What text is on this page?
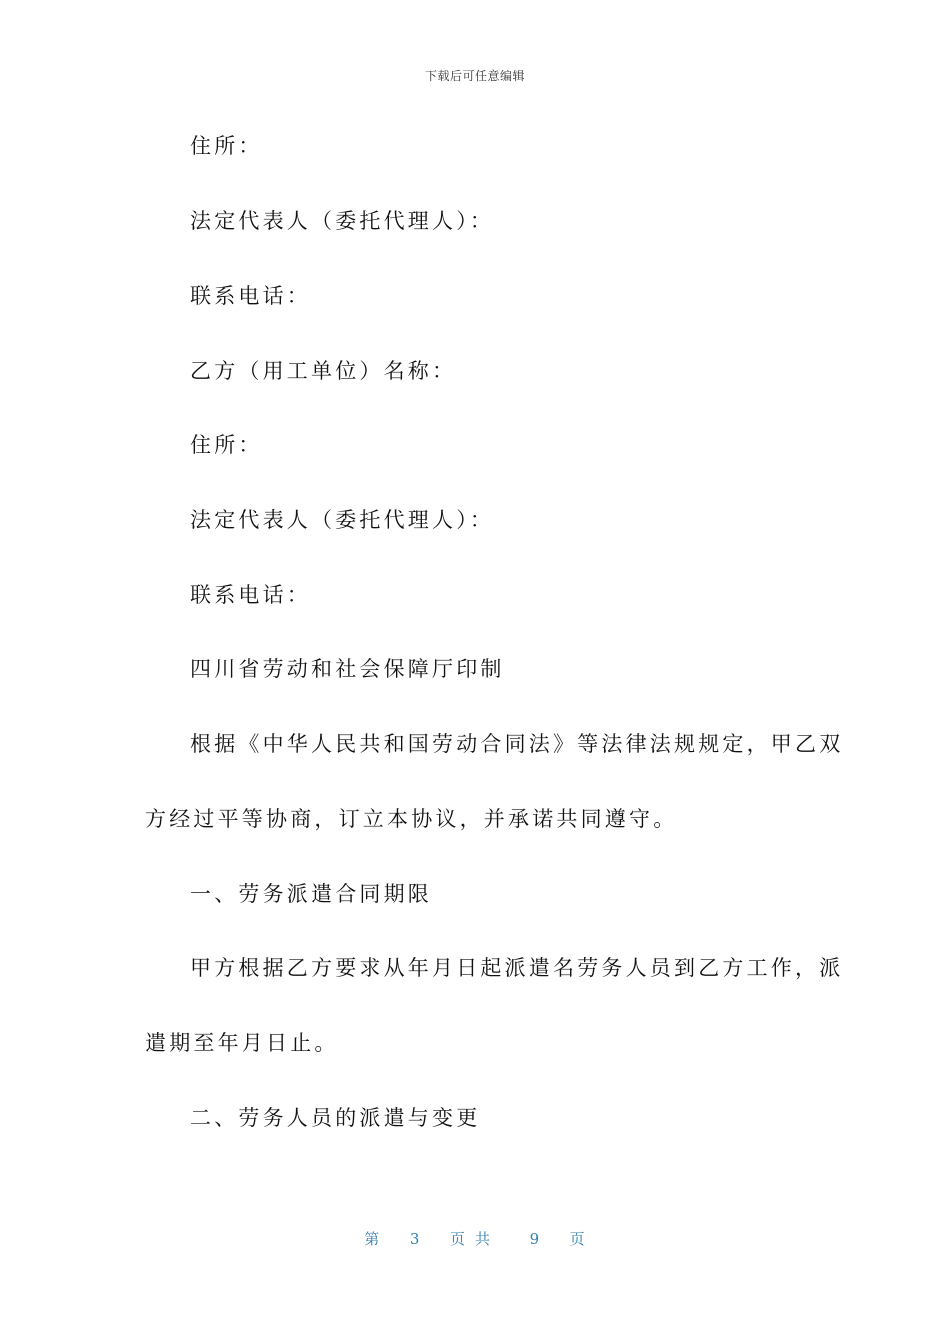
下载后可任意编辑
住所：
法定代表人（委托代理人）：
联系电话：
乙方（用工单位）名称：
住所：
法定代表人（委托代理人）：
联系电话：
四川省劳动和社会保障厅印制
根据《中华人民共和国劳动合同法》等法律法规规定，甲乙双
方经过平等协商，订立本协议，并承诺共同遵守。
一、劳务派遣合同期限
甲方根据乙方要求从年月日起派遣名劳务人员到乙方工作，派
遣期至年月日止。
二、劳务人员的派遣与变更
第 3 页共 9 页
